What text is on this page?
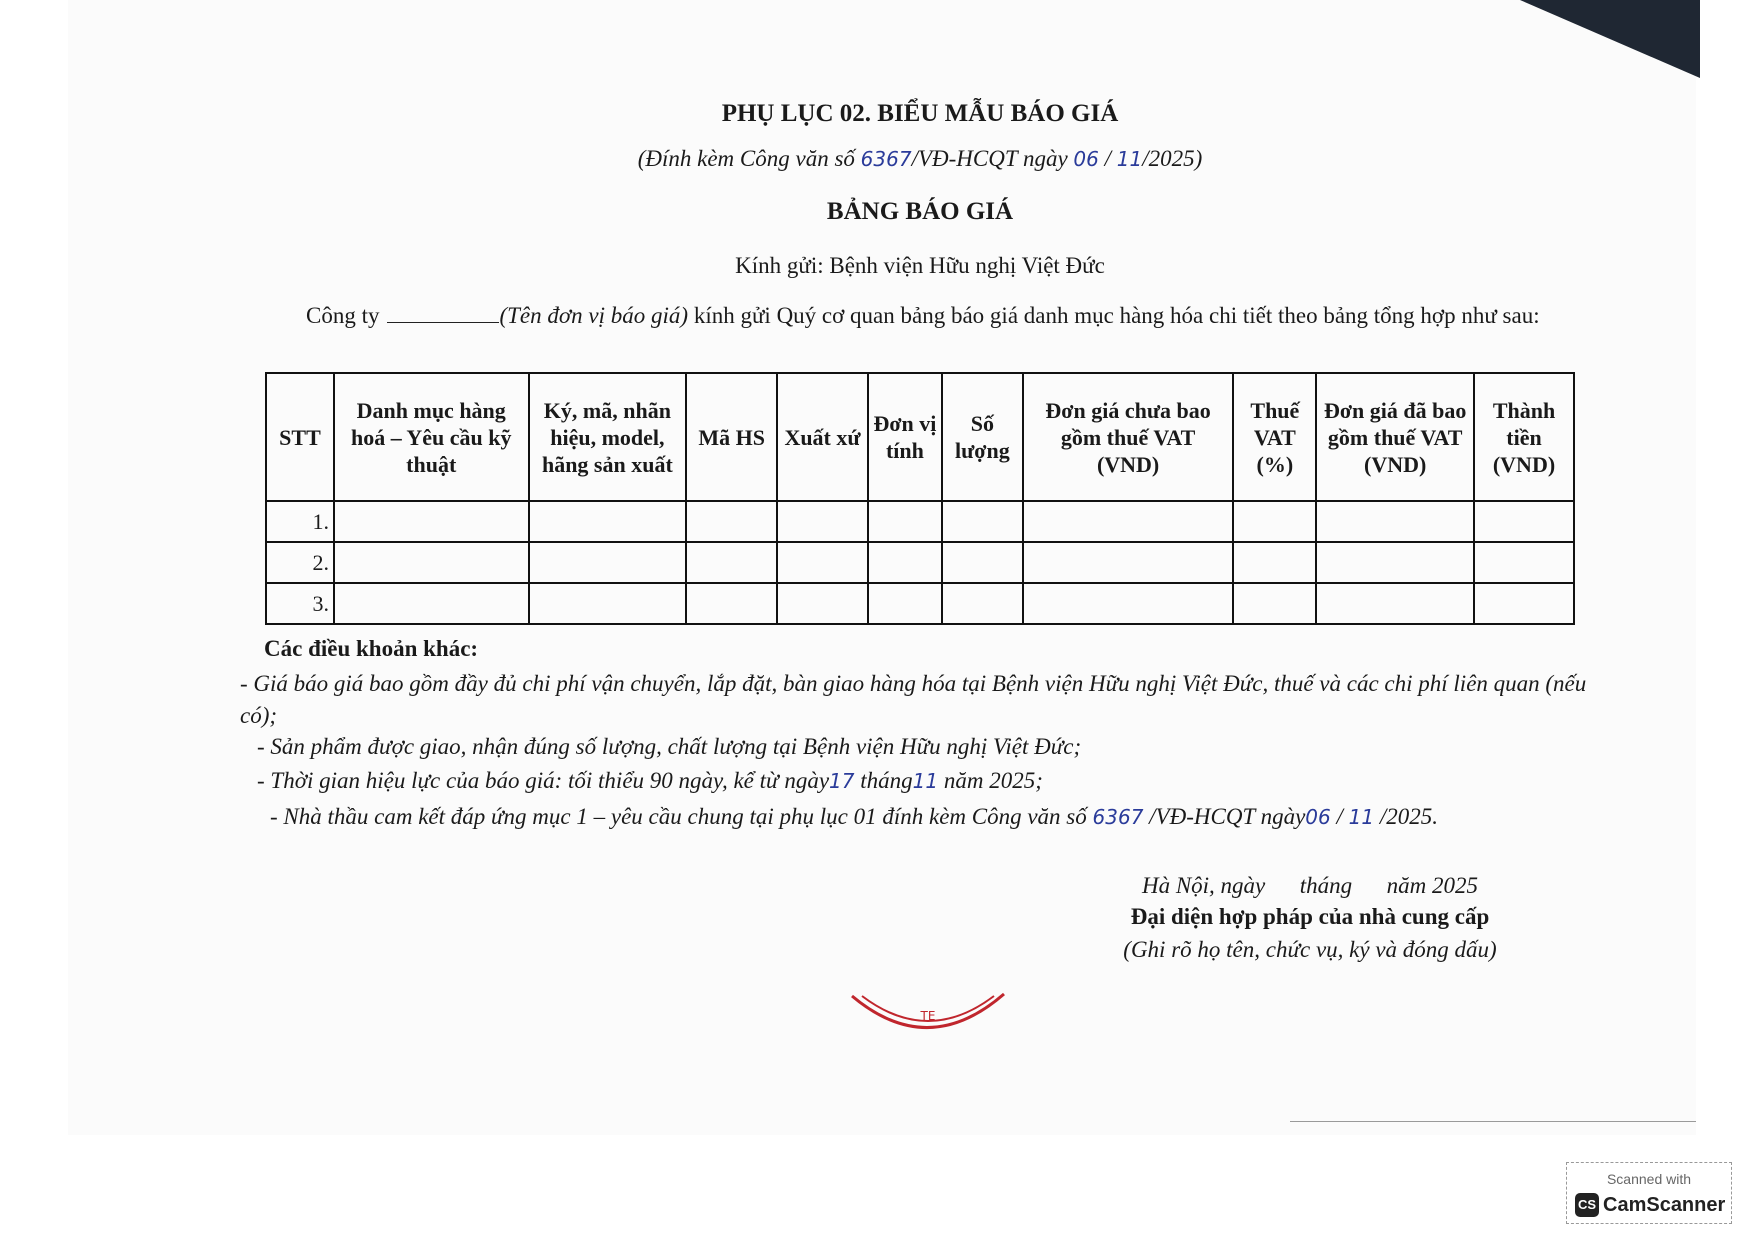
PHỤ LỤC 02. BIỂU MẪU BÁO GIÁ
(Đính kèm Công văn số 6367/VĐ-HCQT ngày 06 / 11/2025)
BẢNG BÁO GIÁ
Kính gửi: Bệnh viện Hữu nghị Việt Đức
Công ty	(Tên đơn vị báo giá) kính gửi Quý cơ quan bảng báo giá danh mục hàng hóa chi tiết theo bảng tổng hợp như sau:
STT	Danh mục hàng hoá – Yêu cầu kỹ thuật	Ký, mã, nhãn hiệu, model, hãng sản xuất	Mã HS	Xuất xứ	Đơn vị tính	Số lượng	Đơn giá chưa bao gồm thuế VAT (VND)	Thuế VAT (%)	Đơn giá đã bao gồm thuế VAT (VND)	Thành tiền (VND)
1.										
2.										
3.										
Các điều khoản khác:
- Giá báo giá bao gồm đầy đủ chi phí vận chuyển, lắp đặt, bàn giao hàng hóa tại Bệnh viện Hữu nghị Việt Đức, thuế và các chi phí liên quan (nếu có);
- Sản phẩm được giao, nhận đúng số lượng, chất lượng tại Bệnh viện Hữu nghị Việt Đức;
- Thời gian hiệu lực của báo giá: tối thiểu 90 ngày, kể từ ngày17 tháng11 năm 2025;
- Nhà thầu cam kết đáp ứng mục 1 – yêu cầu chung tại phụ lục 01 đính kèm Công văn số 6367 /VĐ-HCQT ngày06 / 11 /2025.
Hà Nội, ngày      tháng      năm 2025
Đại diện hợp pháp của nhà cung cấp
(Ghi rõ họ tên, chức vụ, ký và đóng dấu)
TE
Scanned with
CS CamScanner
